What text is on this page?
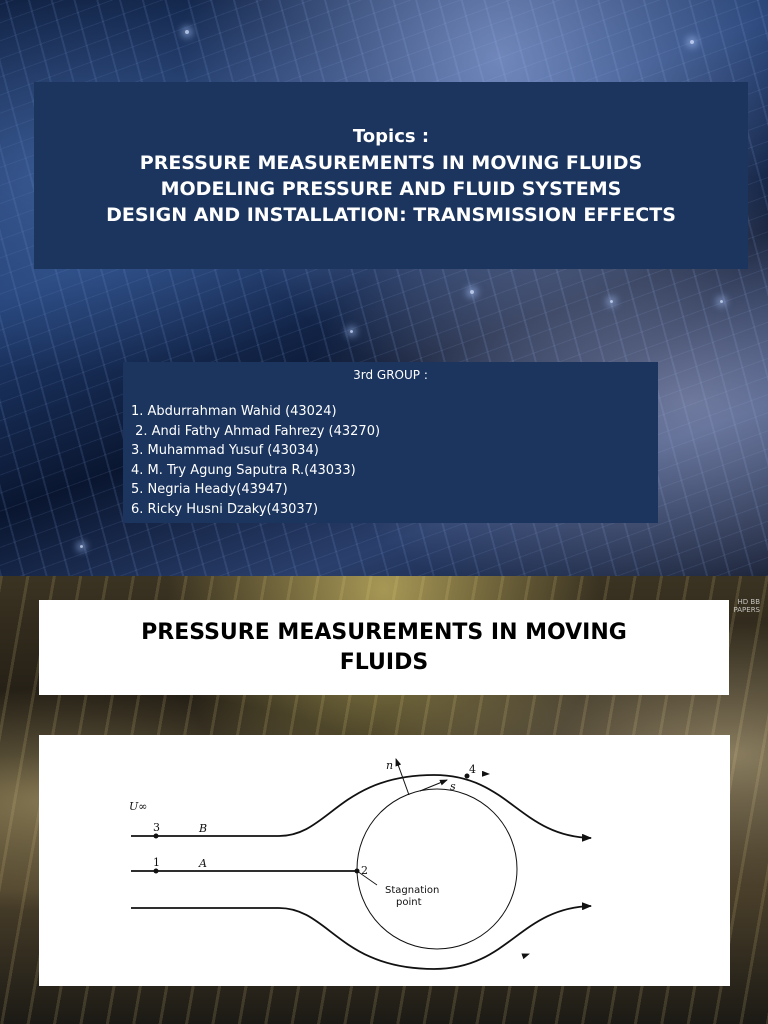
Topics :
PRESSURE MEASUREMENTS IN MOVING FLUIDS
MODELING PRESSURE AND FLUID SYSTEMS
DESIGN AND INSTALLATION: TRANSMISSION EFFECTS
3rd GROUP :
1. Abdurrahman Wahid (43024)
2. Andi Fathy Ahmad Fahrezy (43270)
3. Muhammad Yusuf (43034)
4. M. Try Agung Saputra R.(43033)
5. Negria Heady(43947)
6. Ricky Husni Dzaky(43037)
HD BB
PAPERS
PRESSURE MEASUREMENTS IN MOVING
FLUIDS
U∞
B
A
3
1
2
4
n
s
Stagnation
point
